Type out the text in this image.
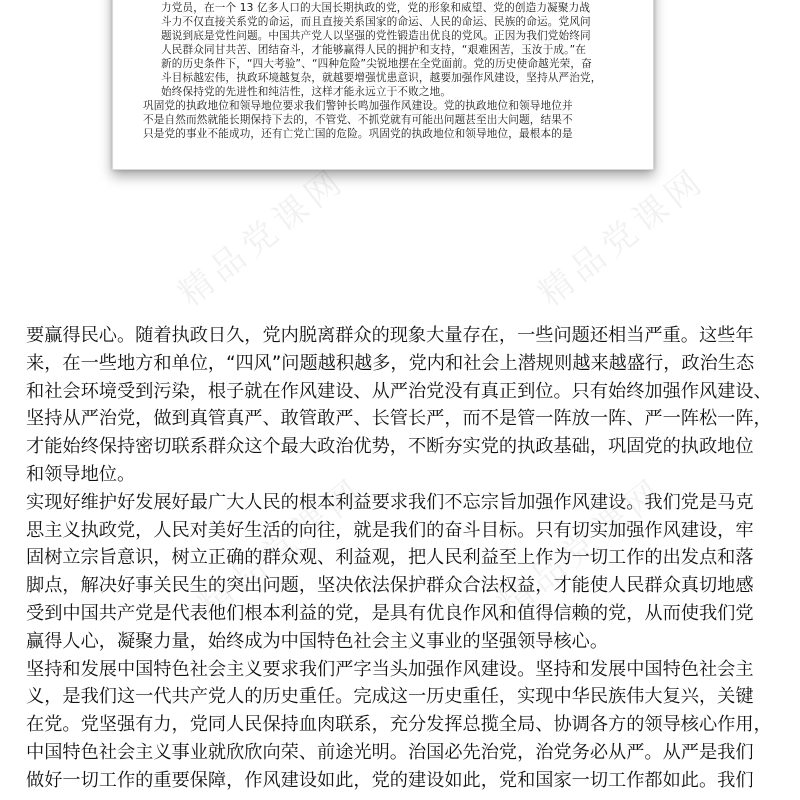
精品党课网	精品党课网
精品党课网	精品党课网
力党员，在一个 13 亿多人口的大国长期执政的党，党的形象和威望、党的创造力凝聚力战
斗力不仅直接关系党的命运，而且直接关系国家的命运、人民的命运、民族的命运。党风问
题说到底是党性问题。中国共产党人以坚强的党性锻造出优良的党风。正因为我们党始终同
人民群众同甘共苦、团结奋斗，才能够赢得人民的拥护和支持，“艰难困苦，玉汝于成。”在
新的历史条件下，“四大考验”、“四种危险”尖锐地摆在全党面前。党的历史使命越光荣，奋
斗目标越宏伟，执政环境越复杂，就越要增强忧患意识，越要加强作风建设，坚持从严治党，
始终保持党的先进性和纯洁性，这样才能永远立于不败之地。
巩固党的执政地位和领导地位要求我们警钟长鸣加强作风建设。党的执政地位和领导地位并
不是自然而然就能长期保持下去的，不管党、不抓党就有可能出问题甚至出大问题，结果不
只是党的事业不能成功，还有亡党亡国的危险。巩固党的执政地位和领导地位，最根本的是
要赢得民心。随着执政日久，党内脱离群众的现象大量存在，一些问题还相当严重。这些年
来，在一些地方和单位，“四风”问题越积越多，党内和社会上潜规则越来越盛行，政治生态
和社会环境受到污染，根子就在作风建设、从严治党没有真正到位。只有始终加强作风建设、
坚持从严治党，做到真管真严、敢管敢严、长管长严，而不是管一阵放一阵、严一阵松一阵，
才能始终保持密切联系群众这个最大政治优势，不断夯实党的执政基础，巩固党的执政地位
和领导地位。
实现好维护好发展好最广大人民的根本利益要求我们不忘宗旨加强作风建设。我们党是马克
思主义执政党，人民对美好生活的向往，就是我们的奋斗目标。只有切实加强作风建设，牢
固树立宗旨意识，树立正确的群众观、利益观，把人民利益至上作为一切工作的出发点和落
脚点，解决好事关民生的突出问题，坚决依法保护群众合法权益，才能使人民群众真切地感
受到中国共产党是代表他们根本利益的党，是具有优良作风和值得信赖的党，从而使我们党
赢得人心，凝聚力量，始终成为中国特色社会主义事业的坚强领导核心。
坚持和发展中国特色社会主义要求我们严字当头加强作风建设。坚持和发展中国特色社会主
义，是我们这一代共产党人的历史重任。完成这一历史重任，实现中华民族伟大复兴，关键
在党。党坚强有力，党同人民保持血肉联系，充分发挥总揽全局、协调各方的领导核心作用，
中国特色社会主义事业就欣欣向荣、前途光明。治国必先治党，治党务必从严。从严是我们
做好一切工作的重要保障，作风建设如此，党的建设如此，党和国家一切工作都如此。我们
